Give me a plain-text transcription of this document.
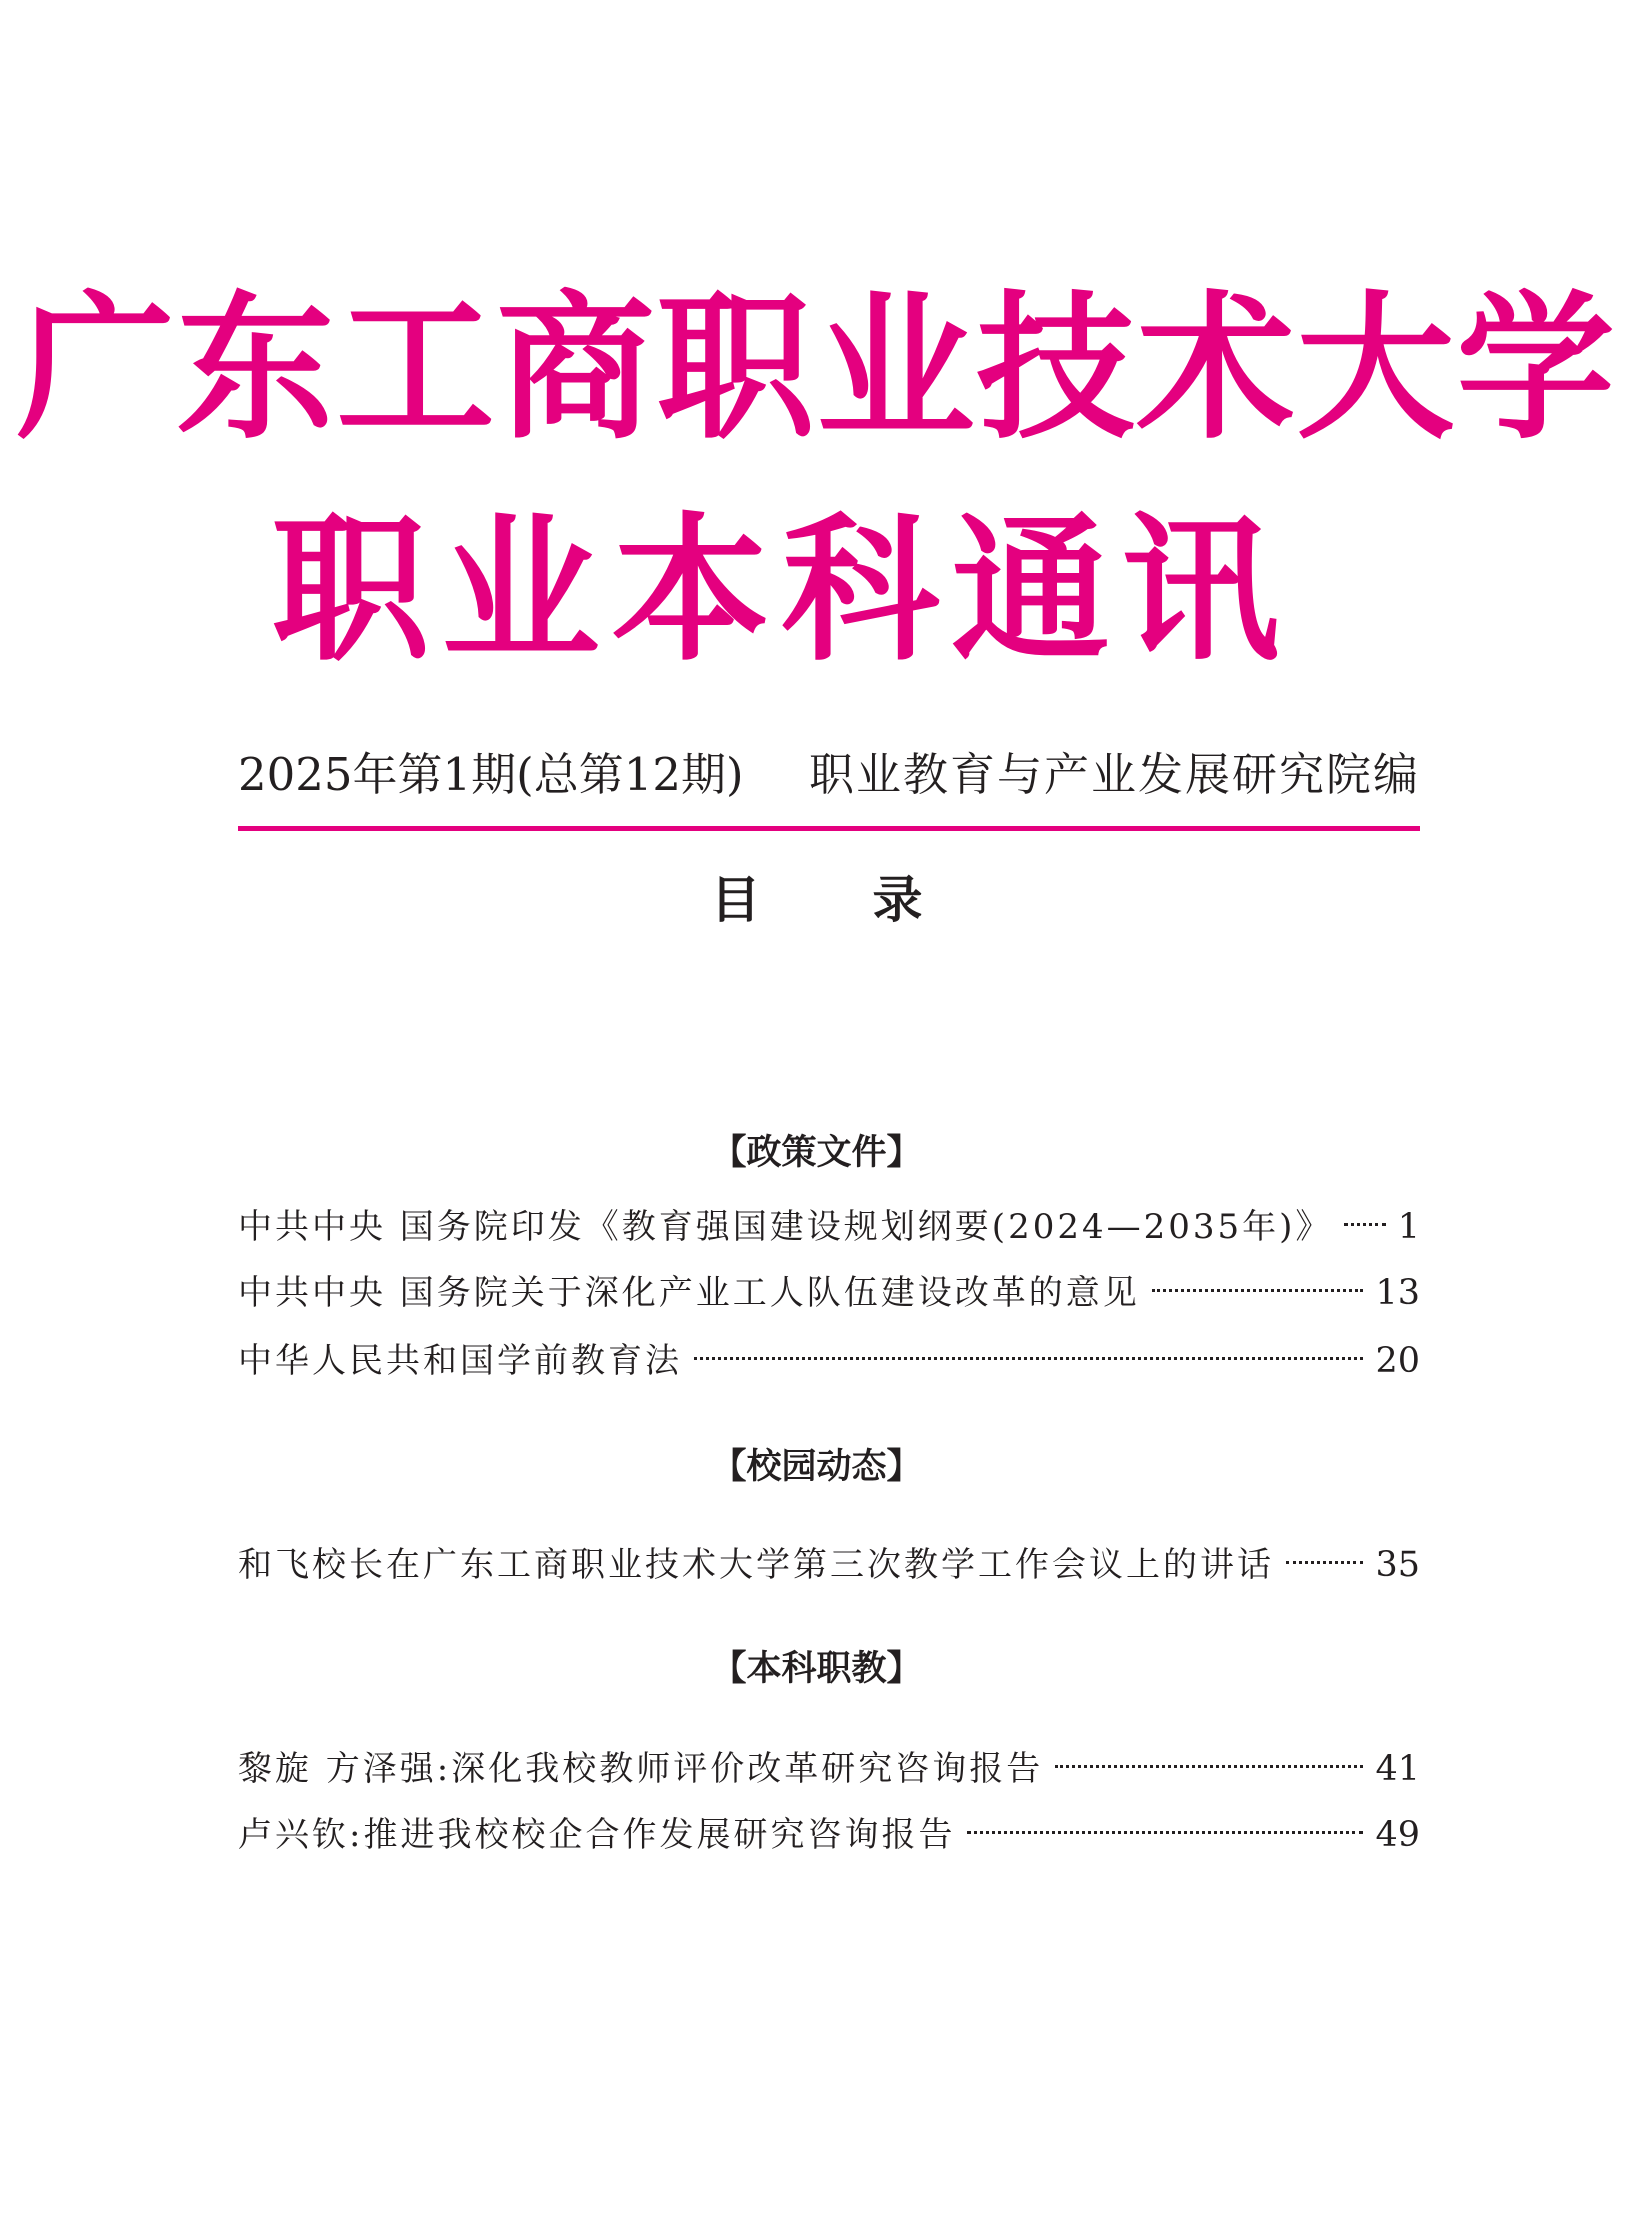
广东工商职业技术大学
职业本科通讯
2025年第1期(总第12期) 职业教育与产业发展研究院编
目录
【政策文件】
中共中央 国务院印发《教育强国建设规划纲要(2024—2035年)》 1
中共中央 国务院关于深化产业工人队伍建设改革的意见	13
中华人民共和国学前教育法	20
【校园动态】
和飞校长在广东工商职业技术大学第三次教学工作会议上的讲话	35
【本科职教】
黎旋 方泽强:深化我校教师评价改革研究咨询报告	41
卢兴钦:推进我校校企合作发展研究咨询报告	49
